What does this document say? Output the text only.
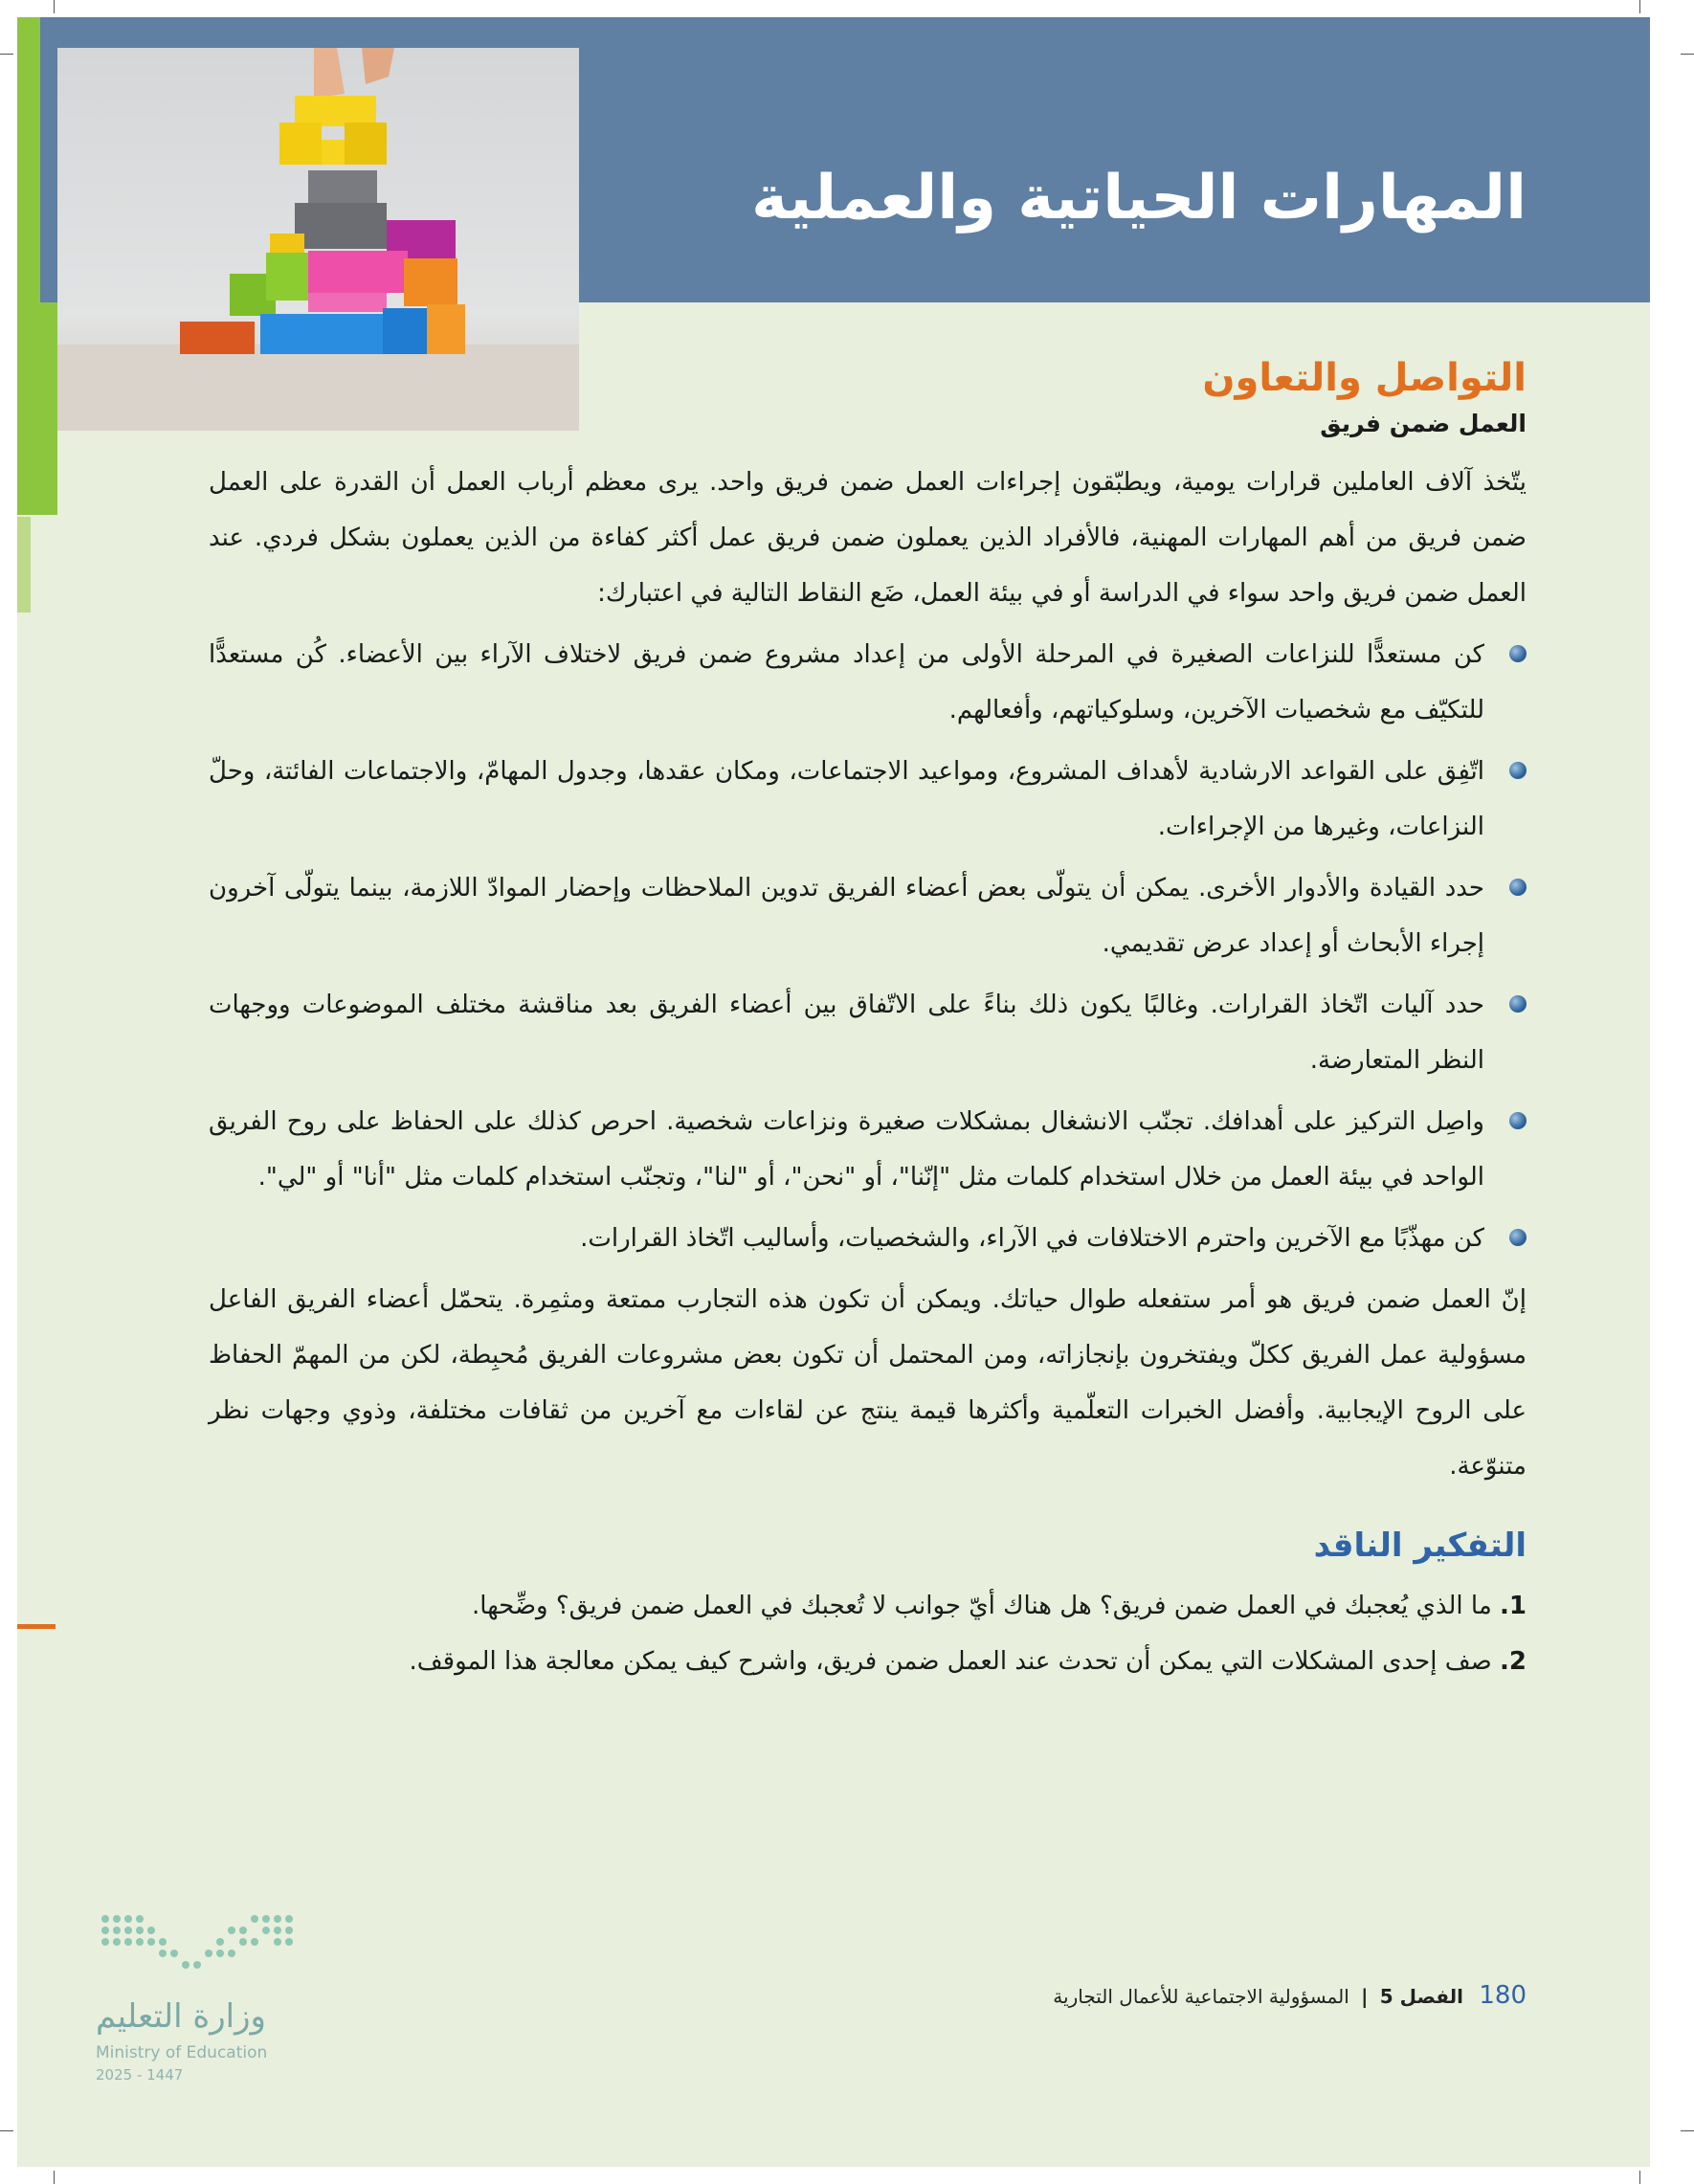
المهارات الحياتية والعملية
التواصل والتعاون
العمل ضمن فريق

يتّخذ آلاف العاملين قرارات يومية، ويطبّقون إجراءات العمل ضمن فريق واحد. يرى معظم أرباب العمل أن القدرة على العمل ضمن فريق من أهم المهارات المهنية، فالأفراد الذين يعملون ضمن فريق عمل أكثر كفاءة من الذين يعملون بشكل فردي. عند العمل ضمن فريق واحد سواء في الدراسة أو في بيئة العمل، ضَع النقاط التالية في اعتبارك:

كن مستعدًّا للنزاعات الصغيرة في المرحلة الأولى من إعداد مشروع ضمن فريق لاختلاف الآراء بين الأعضاء. كُن مستعدًّا للتكيّف مع شخصيات الآخرين، وسلوكياتهم، وأفعالهم.
اتّفِق على القواعد الارشادية لأهداف المشروع، ومواعيد الاجتماعات، ومكان عقدها، وجدول المهامّ، والاجتماعات الفائتة، وحلّ النزاعات، وغيرها من الإجراءات.
حدد القيادة والأدوار الأخرى. يمكن أن يتولّى بعض أعضاء الفريق تدوين الملاحظات وإحضار الموادّ اللازمة، بينما يتولّى آخرون إجراء الأبحاث أو إعداد عرض تقديمي.
حدد آليات اتّخاذ القرارات. وغالبًا يكون ذلك بناءً على الاتّفاق بين أعضاء الفريق بعد مناقشة مختلف الموضوعات ووجهات النظر المتعارضة.
واصِل التركيز على أهدافك. تجنّب الانشغال بمشكلات صغيرة ونزاعات شخصية. احرص كذلك على الحفاظ على روح الفريق الواحد في بيئة العمل من خلال استخدام كلمات مثل "إنّنا"، أو "نحن"، أو "لنا"، وتجنّب استخدام كلمات مثل "أنا" أو "لي".
كن مهذّبًا مع الآخرين واحترم الاختلافات في الآراء، والشخصيات، وأساليب اتّخاذ القرارات.

إنّ العمل ضمن فريق هو أمر ستفعله طوال حياتك. ويمكن أن تكون هذه التجارب ممتعة ومثمِرة. يتحمّل أعضاء الفريق الفاعل مسؤولية عمل الفريق ككلّ ويفتخرون بإنجازاته، ومن المحتمل أن تكون بعض مشروعات الفريق مُحبِطة، لكن من المهمّ الحفاظ على الروح الإيجابية. وأفضل الخبرات التعلّمية وأكثرها قيمة ينتج عن لقاءات مع آخرين من ثقافات مختلفة، وذوي وجهات نظر متنوّعة.

التفكير الناقد
1. ما الذي يُعجبك في العمل ضمن فريق؟ هل هناك أيّ جوانب لا تُعجبك في العمل ضمن فريق؟ وضِّحها.
2. صف إحدى المشكلات التي يمكن أن تحدث عند العمل ضمن فريق، واشرح كيف يمكن معالجة هذا الموقف.
180 الفصل 5 | المسؤولية الاجتماعية للأعمال التجارية
وزارة التعليم
Ministry of Education
2025 - 1447
